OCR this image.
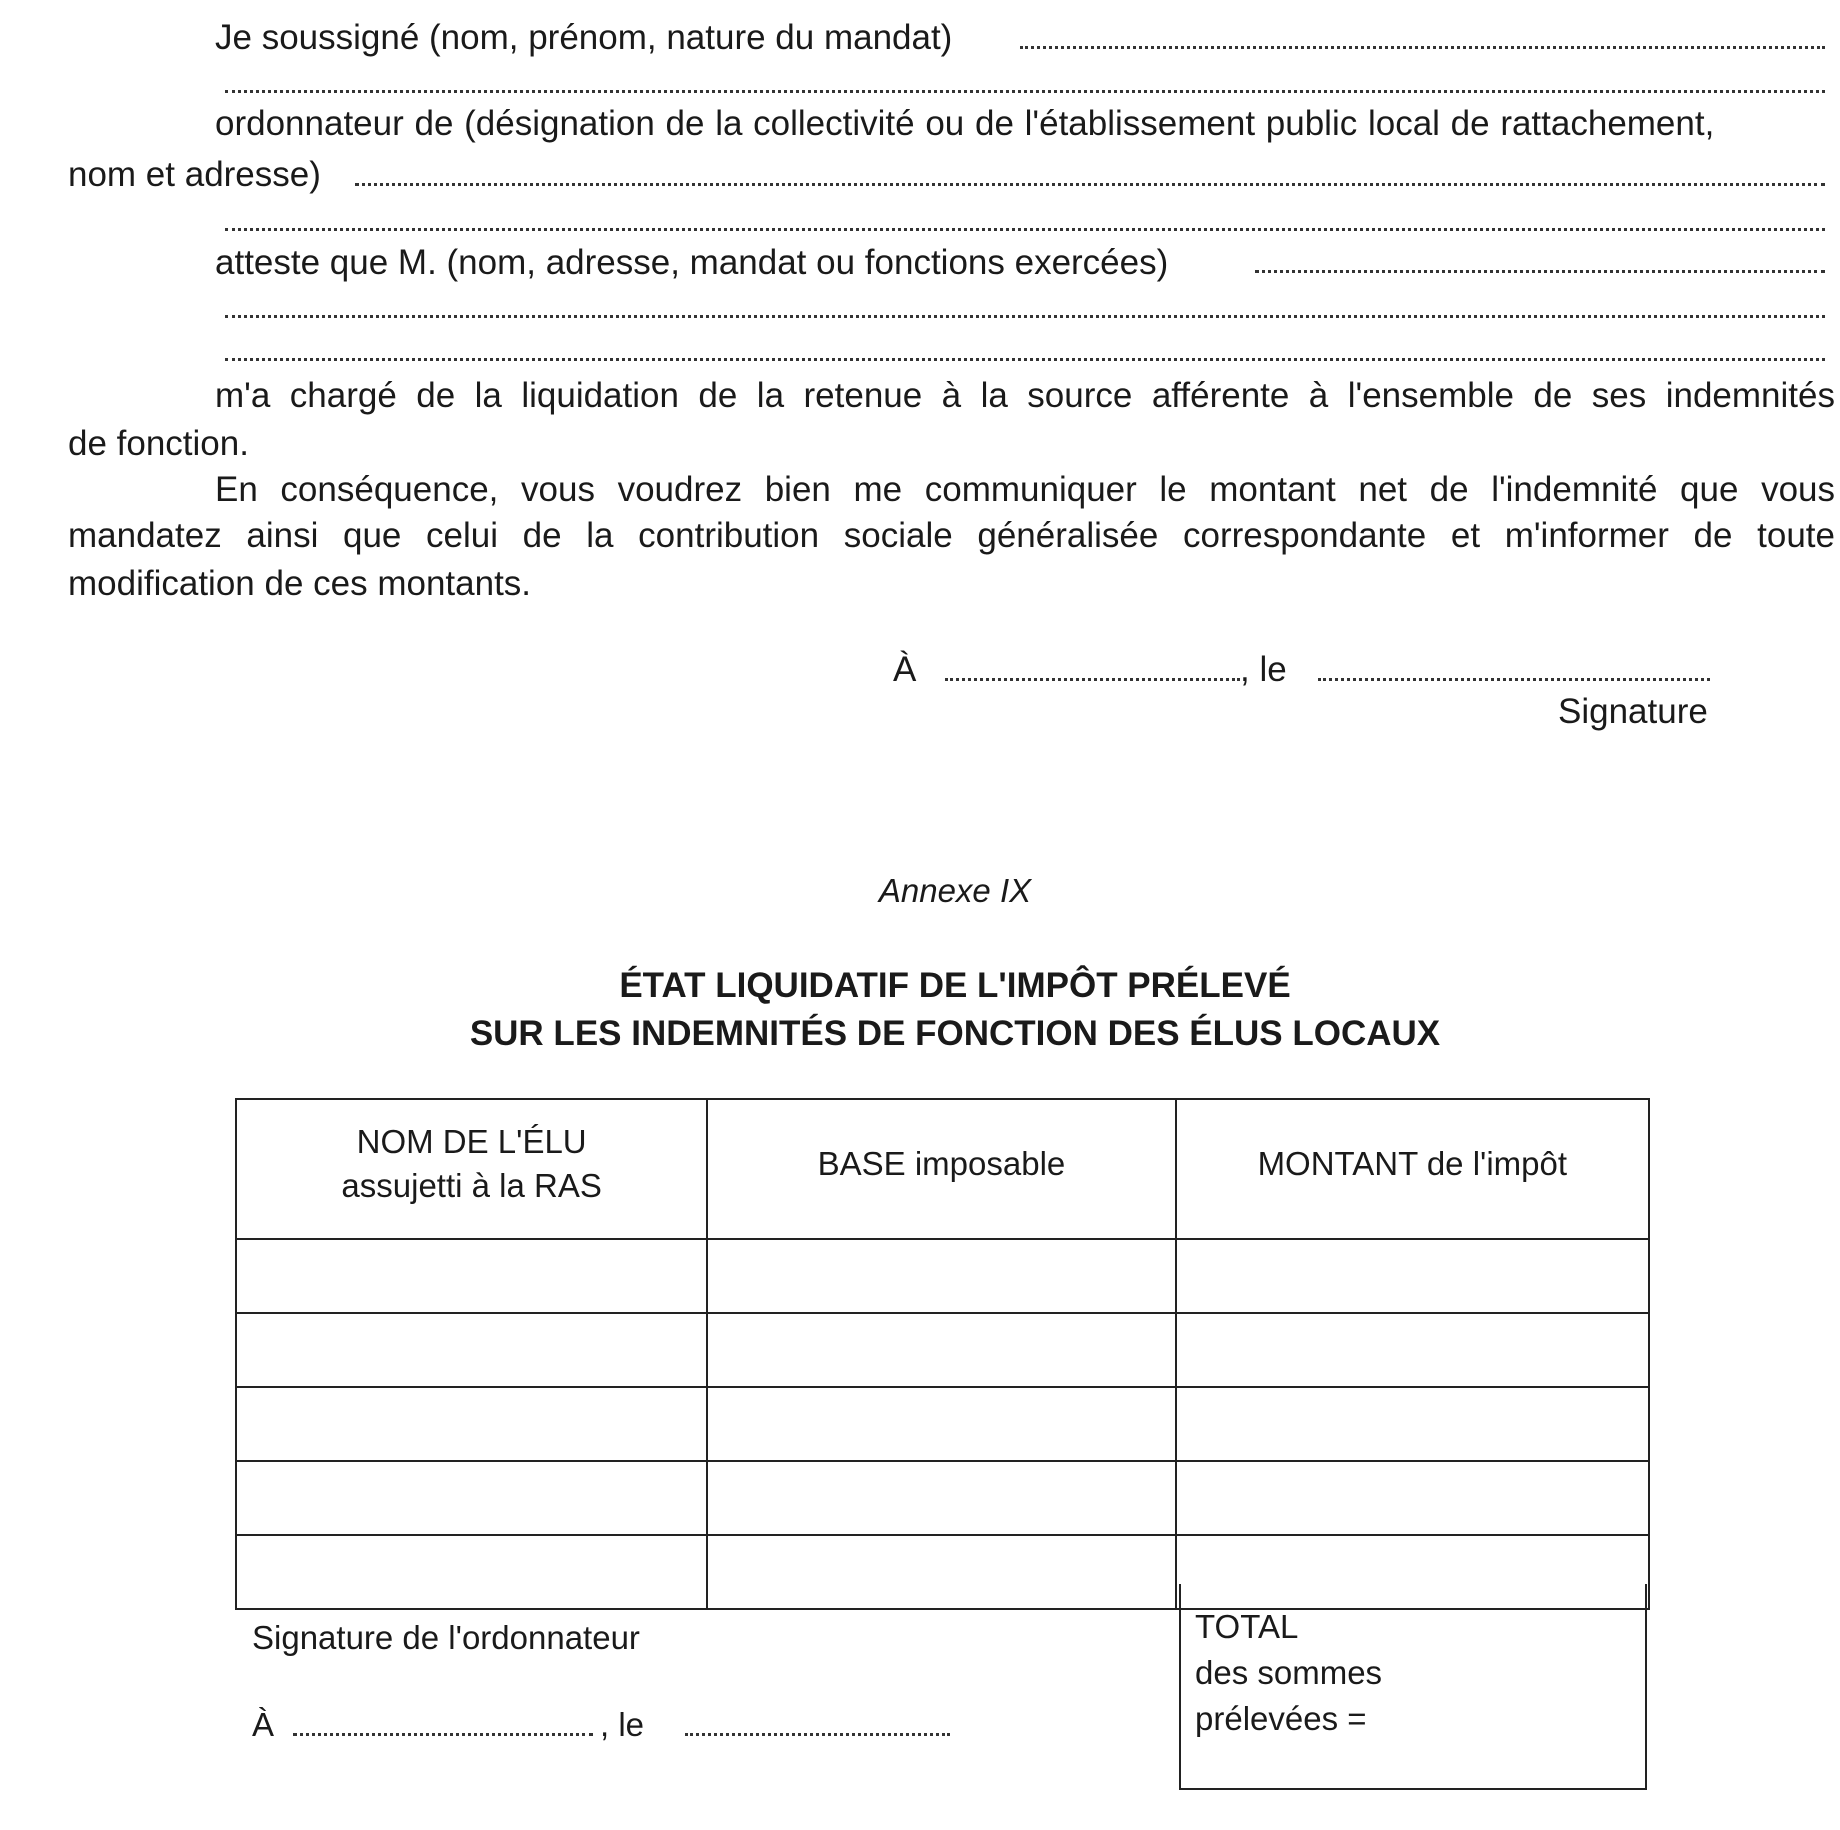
Je soussigné (nom, prénom, nature du mandat)
ordonnateur de (désignation de la collectivité ou de l'établissement public local de rattachement,
nom et adresse)
atteste que M. (nom, adresse, mandat ou fonctions exercées)
m'a chargé de la liquidation de la retenue à la source afférente à l'ensemble de ses indemnités
de fonction.
En conséquence, vous voudrez bien me communiquer le montant net de l'indemnité que vous
mandatez ainsi que celui de la contribution sociale généralisée correspondante et m'informer de toute
modification de ces montants.
À	, le
Signature
Annexe IX
ÉTAT LIQUIDATIF DE L'IMPÔT PRÉLEVÉ
SUR LES INDEMNITÉS DE FONCTION DES ÉLUS LOCAUX
NOM DE L'ÉLU
assujetti à la RAS	BASE imposable	MONTANT de l'impôt

Signature de l'ordonnateur
À	, le
TOTAL
des sommes
prélevées =
